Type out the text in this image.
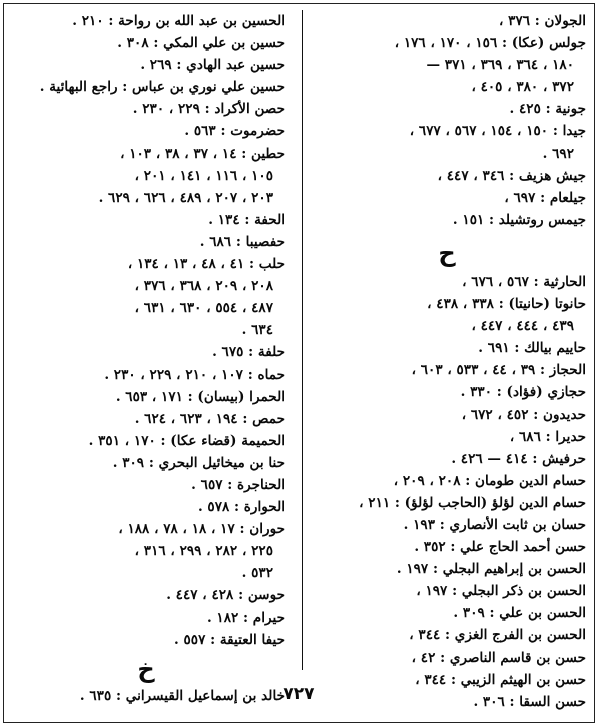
الجولان : ٣٧٦ ،
جولس (عكا) : ١٥٦ ، ١٧٠ ، ١٧٦ ،
١٨٠ ، ٣٦٤ ، ٣٦٩ ، ٣٧١ —
٣٧٢ ، ٣٨٠ ، ٤٠٥ ،
جونية : ٤٢٥ .
جيدا : ١٥٠ ، ١٥٤ ، ٥٦٧ ، ٦٧٧ ،
٦٩٢ .
جيش هزيف : ٣٤٦ ، ٤٤٧ ،
جيلعام : ٦٩٧ ،
جيمس روتشيلد : ١٥١ .
ح
الحارثية : ٥٦٧ ، ٦٧٦ ،
حانوتا (حانيتا) : ٣٣٨ ، ٤٣٨ ،
٤٣٩ ، ٤٤٤ ، ٤٤٧ ،
حاييم بيالك : ٦٩١ .
الحجاز : ٣٩ ، ٤٤ ، ٥٣٣ ، ٦٠٣ ،
حجازي (فؤاد) : ٣٣٠ .
حديدون : ٤٥٢ ، ٦٧٢ ،
حديرا : ٦٨٦ ،
حرفيش : ٤١٤ — ٤٢٦ .
حسام الدين طومان : ٢٠٨ ، ٢٠٩ ،
حسام الدين لؤلؤ (الحاجب لؤلؤ) : ٢١١ ،
حسان بن ثابت الأنصاري : ١٩٣ .
حسن أحمد الحاج علي : ٣٥٢ .
الحسن بن إبراهيم البجلي : ١٩٧ .
الحسن بن ذكر البجلي : ١٩٧ ،
الحسن بن علي : ٣٠٩ .
الحسن بن الفرج الغزي : ٣٤٤ ،
حسن بن قاسم الناصري : ٤٢ ،
حسن بن الهيثم الزيبي : ٣٤٤ ،
حسن السقا : ٣٠٦ .
الحسين بن عبد الله بن رواحة : ٢١٠ .
حسين بن علي المكي : ٣٠٨ .
حسين عبد الهادي : ٢٦٩ .
حسين علي نوري بن عباس : راجع البهائية .
حصن الأكراد : ٢٢٩ ، ٢٣٠ .
حضرموت : ٥٦٣ .
حطين : ١٤ ، ٣٧ ، ٣٨ ، ١٠٣ ،
١٠٥ ، ١١٦ ، ١٤١ ، ٢٠١ ،
٢٠٣ ، ٢٠٧ ، ٤٨٩ ، ٦٢٦ ، ٦٢٩ .
الحفة : ١٣٤ .
حفصيبا : ٦٨٦ .
حلب : ٤١ ، ٤٨ ، ١٣ ، ١٣٤ ،
٢٠٨ ، ٢٠٩ ، ٣٦٨ ، ٣٧٦ ،
٤٨٧ ، ٥٥٤ ، ٦٣٠ ، ٦٣١ ،
٦٣٤ .
حلفة : ٦٧٥ .
حماه : ١٠٧ ، ٢١٠ ، ٢٢٩ ، ٢٣٠ .
الحمرا (بيسان) : ١٧١ ، ٦٥٣ .
حمص : ١٩٤ ، ٦٢٣ ، ٦٢٤ .
الحميمة (قضاء عكا) : ١٧٠ ، ٣٥١ .
حنا بن ميخائيل البحري : ٣٠٩ .
الحناجرة : ٦٥٧ .
الحوارة : ٥٧٨ .
حوران : ١٧ ، ١٨ ، ٧٨ ، ١٨٨ ،
٢٢٥ ، ٢٨٢ ، ٢٩٩ ، ٣١٦ ،
٥٣٢ .
حوسن : ٤٢٨ ، ٤٤٧ .
حيرام : ١٨٢ .
حيفا العتيقة : ٥٥٧ .
خ
خالد بن إسماعيل القيسراني : ٦٣٥ .
٧٢٧
